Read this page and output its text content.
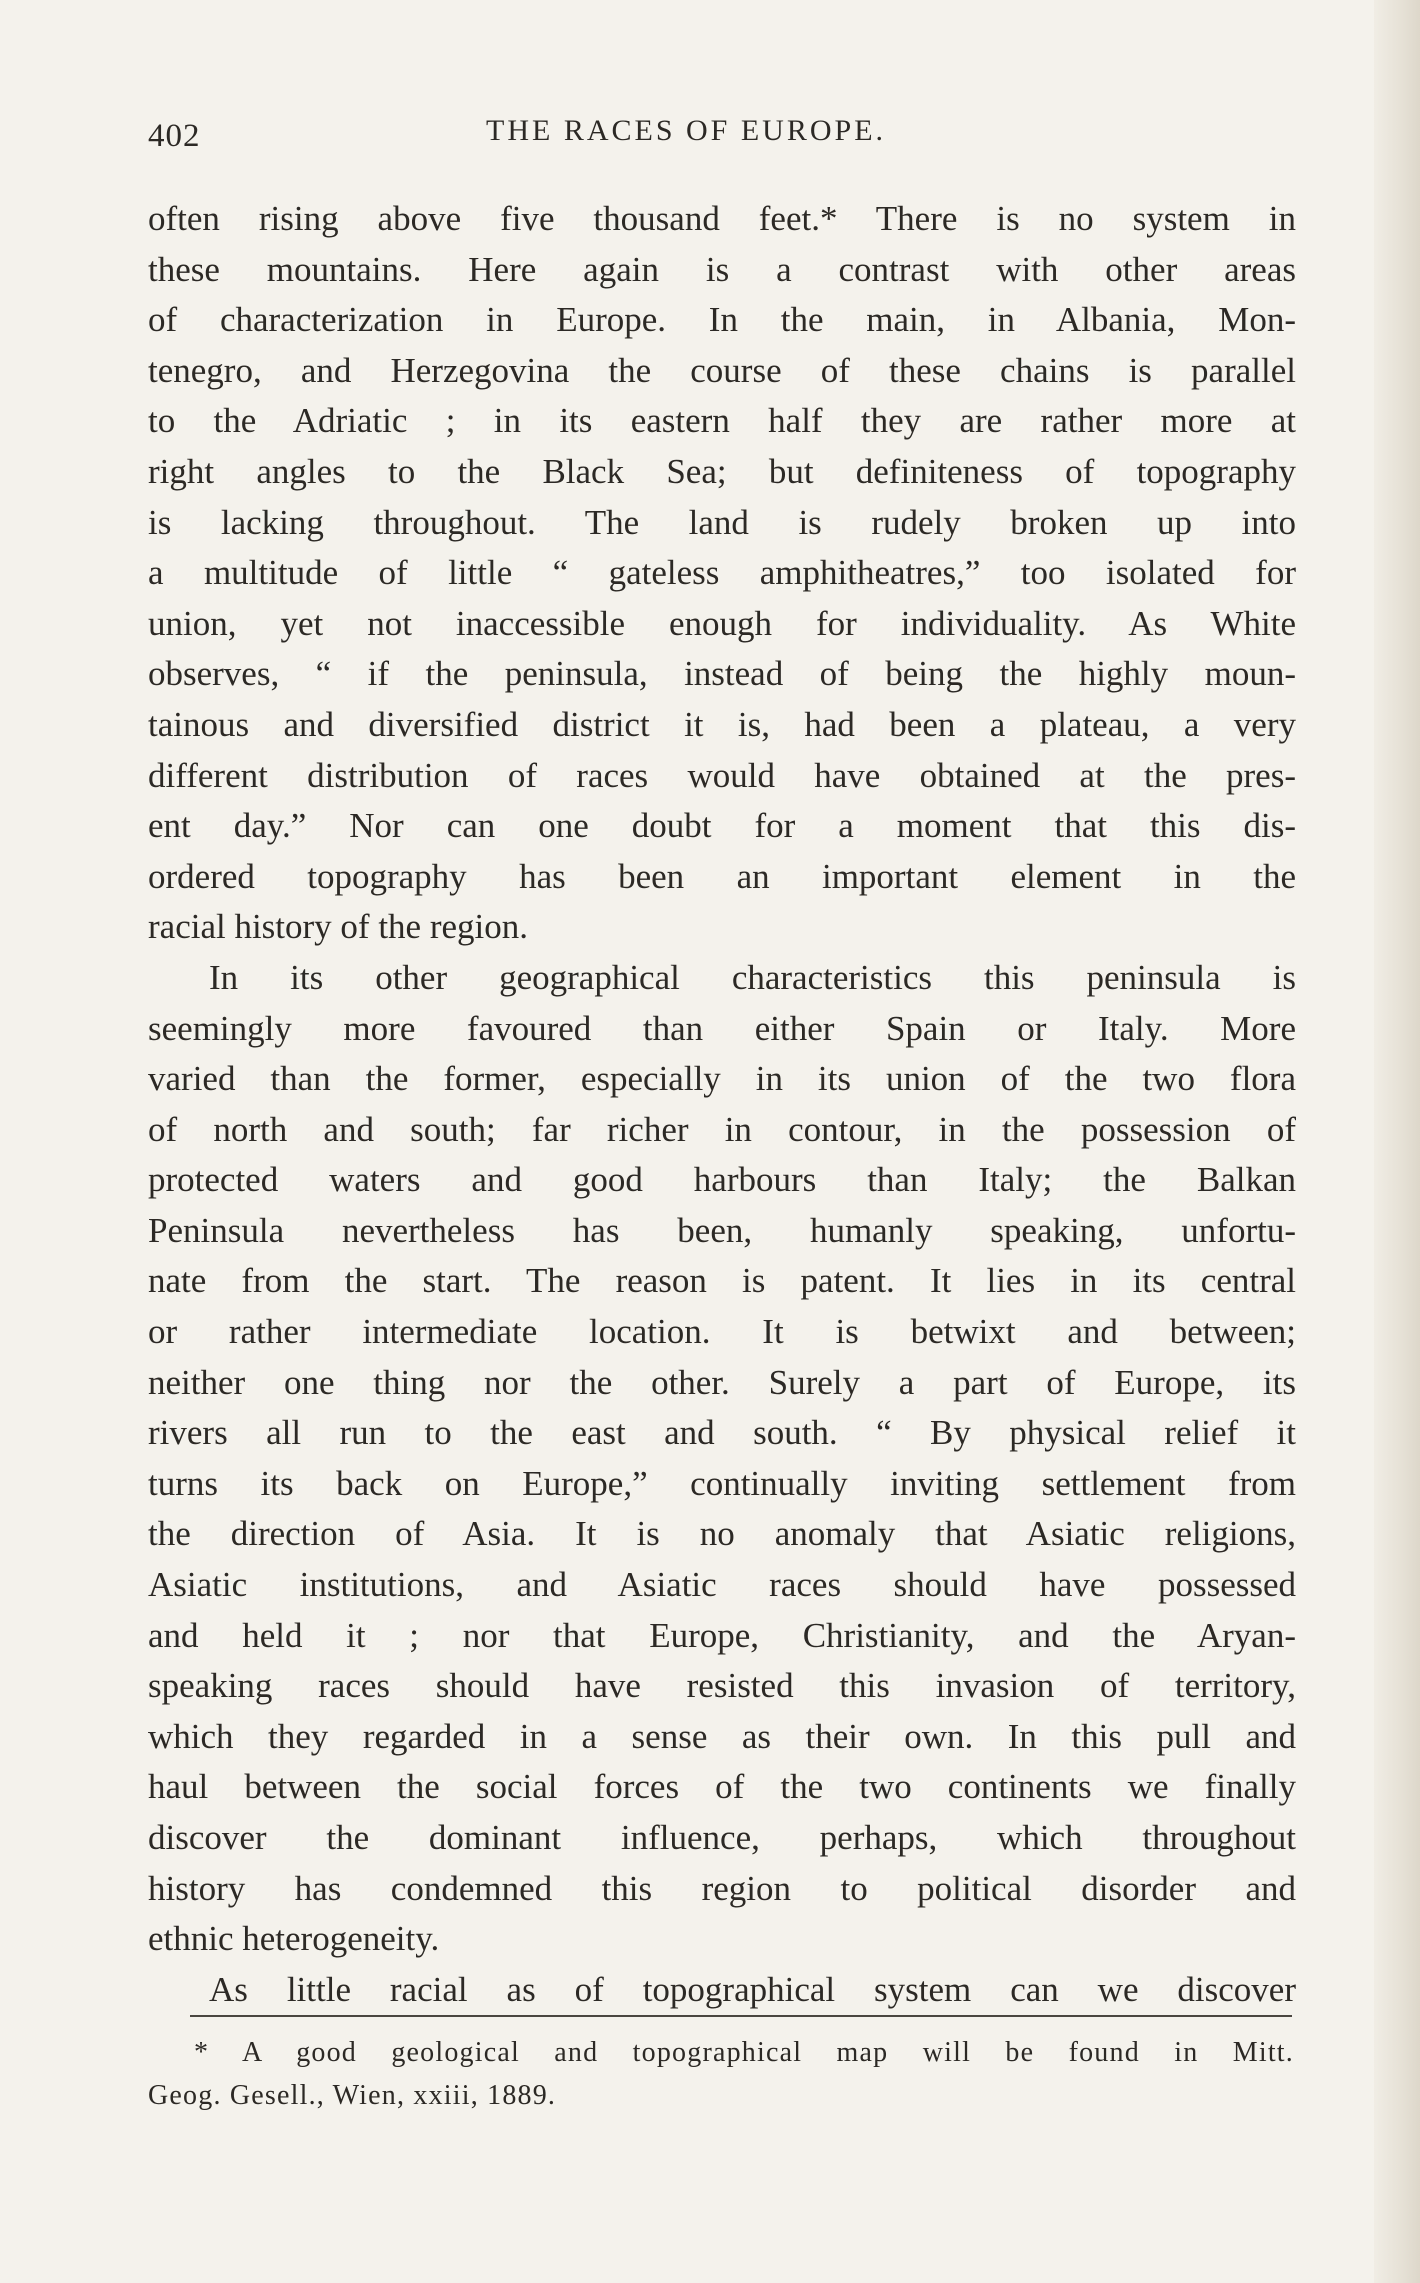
402	THE RACES OF EUROPE.
often rising above five thousand feet.* There is no system in
these mountains. Here again is a contrast with other areas
of characterization in Europe. In the main, in Albania, Mon-
tenegro, and Herzegovina the course of these chains is parallel
to the Adriatic ; in its eastern half they are rather more at
right angles to the Black Sea; but definiteness of topography
is lacking throughout. The land is rudely broken up into
a multitude of little “ gateless amphitheatres,” too isolated for
union, yet not inaccessible enough for individuality. As White
observes, “ if the peninsula, instead of being the highly moun-
tainous and diversified district it is, had been a plateau, a very
different distribution of races would have obtained at the pres-
ent day.” Nor can one doubt for a moment that this dis-
ordered topography has been an important element in the
racial history of the region.
In its other geographical characteristics this peninsula is
seemingly more favoured than either Spain or Italy. More
varied than the former, especially in its union of the two flora
of north and south; far richer in contour, in the possession of
protected waters and good harbours than Italy; the Balkan
Peninsula nevertheless has been, humanly speaking, unfortu-
nate from the start. The reason is patent. It lies in its central
or rather intermediate location. It is betwixt and between;
neither one thing nor the other. Surely a part of Europe, its
rivers all run to the east and south. “ By physical relief it
turns its back on Europe,” continually inviting settlement from
the direction of Asia. It is no anomaly that Asiatic religions,
Asiatic institutions, and Asiatic races should have possessed
and held it ; nor that Europe, Christianity, and the Aryan-
speaking races should have resisted this invasion of territory,
which they regarded in a sense as their own. In this pull and
haul between the social forces of the two continents we finally
discover the dominant influence, perhaps, which throughout
history has condemned this region to political disorder and
ethnic heterogeneity.
As little racial as of topographical system can we discover
* A good geological and topographical map will be found in Mitt.
Geog. Gesell., Wien, xxiii, 1889.
